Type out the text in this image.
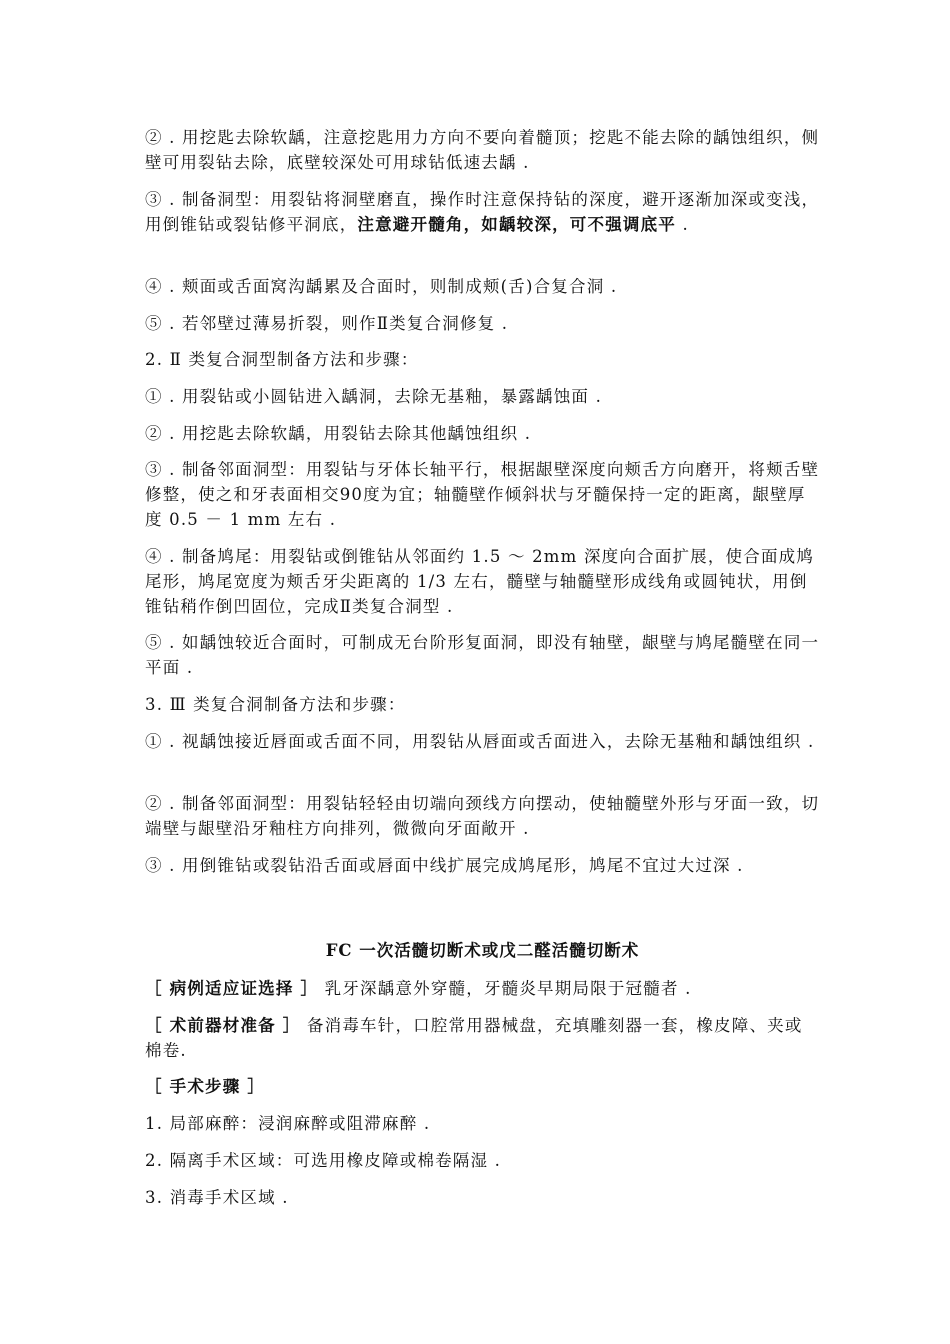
② . 用挖匙去除软龋，注意挖匙用力方向不要向着髓顶；挖匙不能去除的龋蚀组织，侧壁可用裂钻去除，底壁较深处可用球钻低速去龋 .
③ . 制备洞型：用裂钻将洞壁磨直，操作时注意保持钻的深度，避开逐渐加深或变浅，用倒锥钻或裂钻修平洞底，注意避开髓角，如龋较深，可不强调底平 .
④ . 颊面或舌面窝沟龋累及合面时，则制成颊(舌)合复合洞 .
⑤ . 若邻壁过薄易折裂，则作Ⅱ类复合洞修复 .
2. Ⅱ 类复合洞型制备方法和步骤：
① . 用裂钻或小圆钻进入龋洞，去除无基釉，暴露龋蚀面 .
② . 用挖匙去除软龋，用裂钻去除其他龋蚀组织 .
③ . 制备邻面洞型：用裂钻与牙体长轴平行，根据龈壁深度向颊舌方向磨开，将颊舌壁修整，使之和牙表面相交90度为宜；轴髓壁作倾斜状与牙髓保持一定的距离，龈壁厚度 0.5 － 1 mm 左右 .
④ . 制备鸠尾：用裂钻或倒锥钻从邻面约 1.5 ～ 2mm 深度向合面扩展，使合面成鸠尾形，鸠尾宽度为颊舌牙尖距离的 1/3 左右，髓壁与轴髓壁形成线角或圆钝状，用倒锥钻稍作倒凹固位，完成Ⅱ类复合洞型 .
⑤ . 如龋蚀较近合面时，可制成无台阶形复面洞，即没有轴壁，龈壁与鸠尾髓壁在同一平面 .
3. Ⅲ 类复合洞制备方法和步骤：
① . 视龋蚀接近唇面或舌面不同，用裂钻从唇面或舌面进入，去除无基釉和龋蚀组织 .
② . 制备邻面洞型：用裂钻轻轻由切端向颈线方向摆动，使轴髓壁外形与牙面一致，切端壁与龈壁沿牙釉柱方向排列，微微向牙面敞开 .
③ . 用倒锥钻或裂钻沿舌面或唇面中线扩展完成鸠尾形，鸠尾不宜过大过深 .
FC 一次活髓切断术或戊二醛活髓切断术
［ 病例适应证选择 ］ 乳牙深龋意外穿髓，牙髓炎早期局限于冠髓者 .
［ 术前器材准备 ］ 备消毒车针，口腔常用器械盘，充填雕刻器一套，橡皮障、夹或棉卷.
［ 手术步骤 ］
1. 局部麻醉：浸润麻醉或阻滞麻醉 .
2. 隔离手术区域：可选用橡皮障或棉卷隔湿 .
3. 消毒手术区域 .
